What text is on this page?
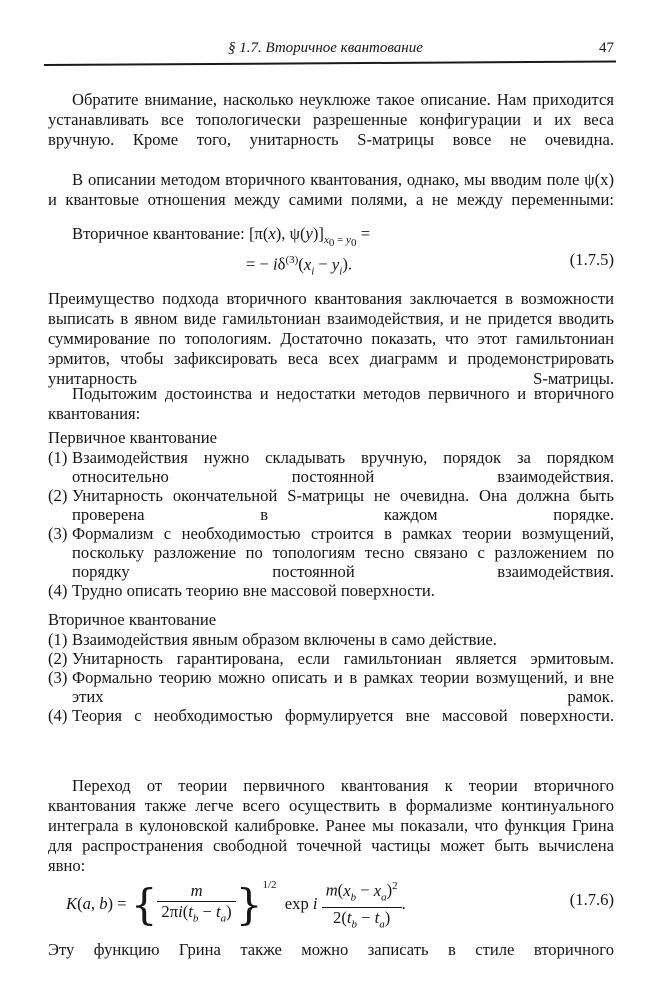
§ 1.7. Вторичное квантование	47
Обратите внимание, насколько неуклюже такое описание. Нам приходится устанавливать все топологически разрешенные конфигурации и их веса вручную. Кроме того, унитарность S-матрицы вовсе не очевидна.
В описании методом вторичного квантования, однако, мы вводим поле ψ(x) и квантовые отношения между самими полями, а не между переменными:
Вторичное квантование: [π(x), $\psi(y)]_{x_0 = y_0}$ =
= − $i\delta^{(3)}(x_i - y_i)$.	(1.7.5)
Преимущество подхода вторичного квантования заключается в возможности выписать в явном виде гамильтониан взаимодействия, и не придется вводить суммирование по топологиям. Достаточно показать, что этот гамильтониан эрмитов, чтобы зафиксировать веса всех диаграмм и продемонстрировать унитарность S-матрицы.
Подытожим достоинства и недостатки методов первичного и вторичного квантования:
Первичное квантование
(1) Взаимодействия нужно складывать вручную, порядок за порядком относительно постоянной взаимодействия.
(2) Унитарность окончательной S-матрицы не очевидна. Она должна быть проверена в каждом порядке.
(3) Формализм с необходимостью строится в рамках теории возмущений, поскольку разложение по топологиям тесно связано с разложением по порядку постоянной взаимодействия.
(4) Трудно описать теорию вне массовой поверхности.
Вторичное квантование
(1) Взаимодействия явным образом включены в само действие.
(2) Унитарность гарантирована, если гамильтониан является эрмитовым.
(3) Формально теорию можно описать и в рамках теории возмущений, и вне этих рамок.
(4) Теория с необходимостью формулируется вне массовой поверхности.
Переход от теории первичного квантования к теории вторичного квантования также легче всего осуществить в формализме континуального интеграла в кулоновской калибровке. Ранее мы показали, что функция Грина для распространения свободной точечной частицы может быть вычислена явно:
K(a, b) = { $\frac{m}{2\pi i(t_b - t_a)} \}^{1/2}$  exp i $\frac{m(x_b - x_a)^2}{2(t_b - t_a)}$ .	(1.7.6)
Эту функцию Грина также можно записать в стиле вторичного
